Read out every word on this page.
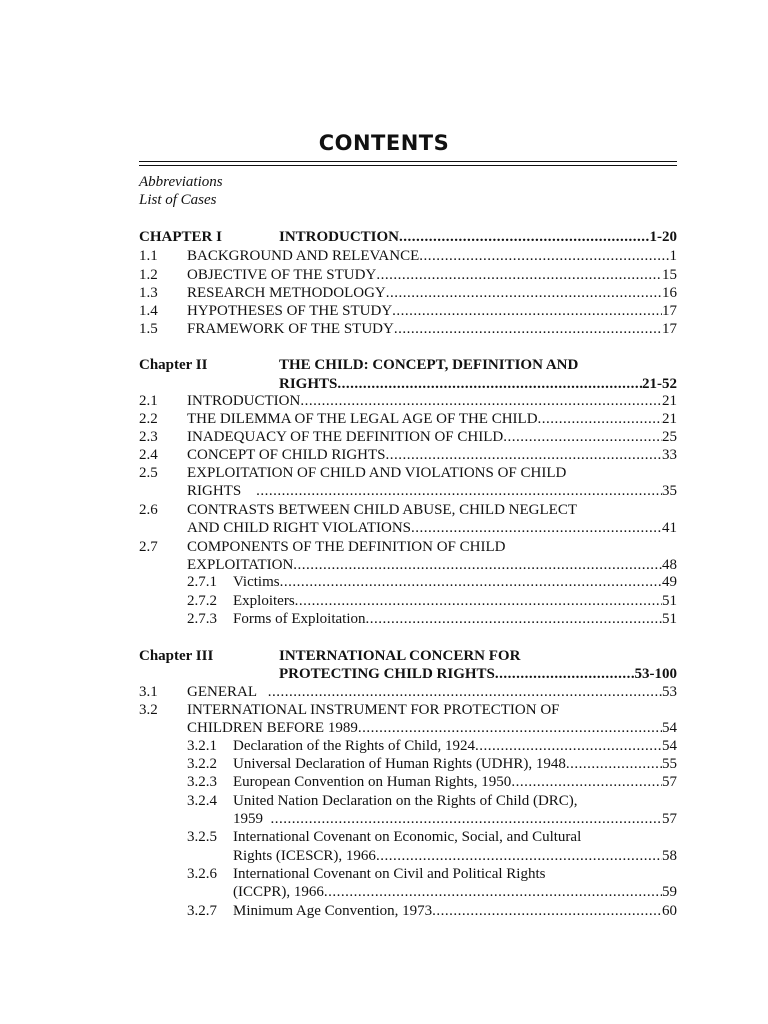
CONTENTS
Abbreviations
List of Cases
CHAPTER I	INTRODUCTION .....	1-20
1.1 BACKGROUND AND RELEVANCE .....	1
1.2 OBJECTIVE OF THE STUDY .....	15
1.3 RESEARCH METHODOLOGY .....	16
1.4 HYPOTHESES OF THE STUDY .....	17
1.5 FRAMEWORK OF THE STUDY .....	17
Chapter II	THE CHILD: CONCEPT, DEFINITION AND
RIGHTS .....	21-52
2.1 INTRODUCTION .....	21
2.2 THE DILEMMA OF THE LEGAL AGE OF THE CHILD .....	21
2.3 INADEQUACY OF THE DEFINITION OF CHILD .....	25
2.4 CONCEPT OF CHILD RIGHTS .....	33
2.5 EXPLOITATION OF CHILD AND VIOLATIONS OF CHILD
RIGHTS .....	35
2.6 CONTRASTS BETWEEN CHILD ABUSE, CHILD NEGLECT
AND CHILD RIGHT VIOLATIONS .....	41
2.7 COMPONENTS OF THE DEFINITION OF CHILD
EXPLOITATION .....	48
2.7.1 Victims .....	49
2.7.2 Exploiters .....	51
2.7.3 Forms of Exploitation .....	51
Chapter III	INTERNATIONAL CONCERN FOR
PROTECTING CHILD RIGHTS .....	53-100
3.1 GENERAL .....	53
3.2 INTERNATIONAL INSTRUMENT FOR PROTECTION OF
CHILDREN BEFORE 1989 .....	54
3.2.1 Declaration of the Rights of Child, 1924 .....	54
3.2.2 Universal Declaration of Human Rights (UDHR), 1948 .....	55
3.2.3 European Convention on Human Rights, 1950 .....	57
3.2.4 United Nation Declaration on the Rights of Child (DRC),
1959 .....	57
3.2.5 International Covenant on Economic, Social, and Cultural
Rights (ICESCR), 1966 .....	58
3.2.6 International Covenant on Civil and Political Rights
(ICCPR), 1966 .....	59
3.2.7 Minimum Age Convention, 1973 .....	60
